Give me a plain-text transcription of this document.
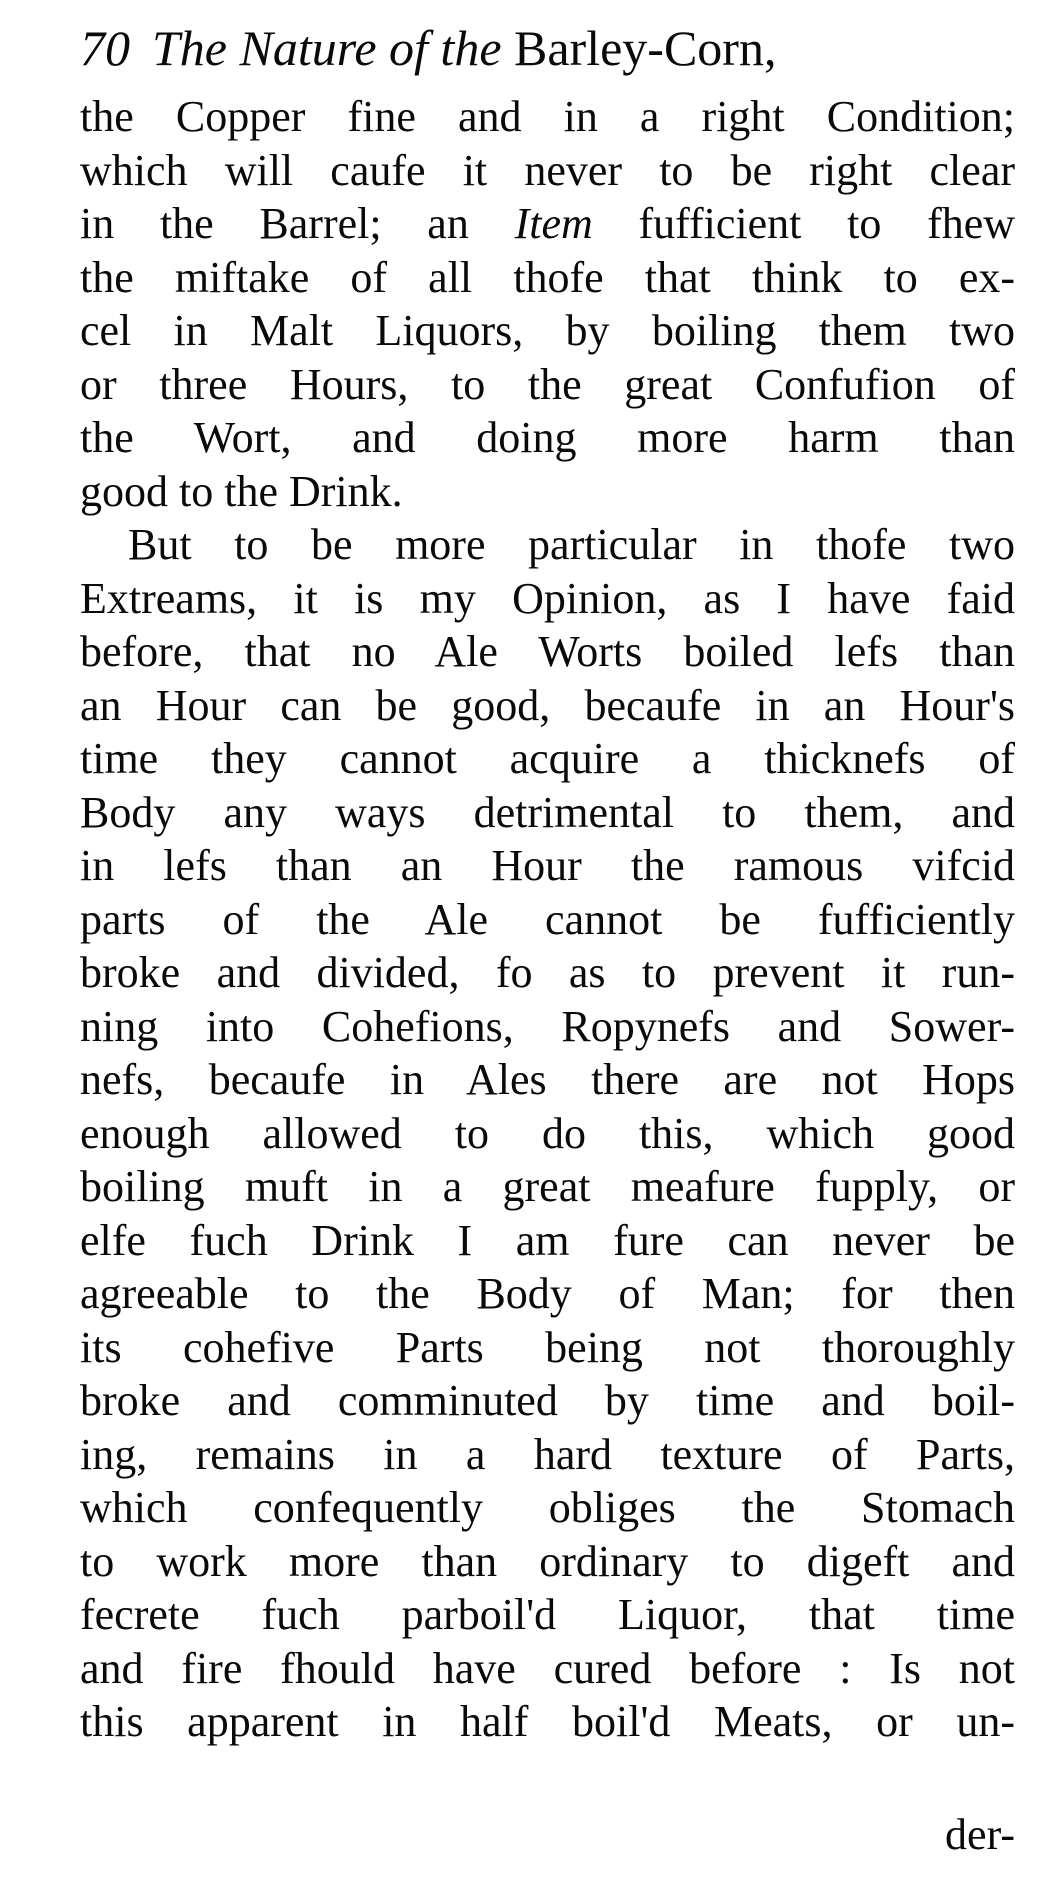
70 The Nature of the Barley-Corn,
the Copper fine and in a right Condition;
which will caufe it never to be right clear
in the Barrel; an Item fufficient to fhew
the miftake of all thofe that think to ex-
cel in Malt Liquors, by boiling them two
or three Hours, to the great Confufion of
the Wort, and doing more harm than
good to the Drink.
But to be more particular in thofe two
Extreams, it is my Opinion, as I have faid
before, that no Ale Worts boiled lefs than
an Hour can be good, becaufe in an Hour's
time they cannot acquire a thicknefs of
Body any ways detrimental to them, and
in lefs than an Hour the ramous vifcid
parts of the Ale cannot be fufficiently
broke and divided, fo as to prevent it run-
ning into Cohefions, Ropynefs and Sower-
nefs, becaufe in Ales there are not Hops
enough allowed to do this, which good
boiling muft in a great meafure fupply, or
elfe fuch Drink I am fure can never be
agreeable to the Body of Man; for then
its cohefive Parts being not thoroughly
broke and comminuted by time and boil-
ing, remains in a hard texture of Parts,
which confequently obliges the Stomach
to work more than ordinary to digeft and
fecrete fuch parboil'd Liquor, that time
and fire fhould have cured before : Is not
this apparent in half boil'd Meats, or un-
der-
